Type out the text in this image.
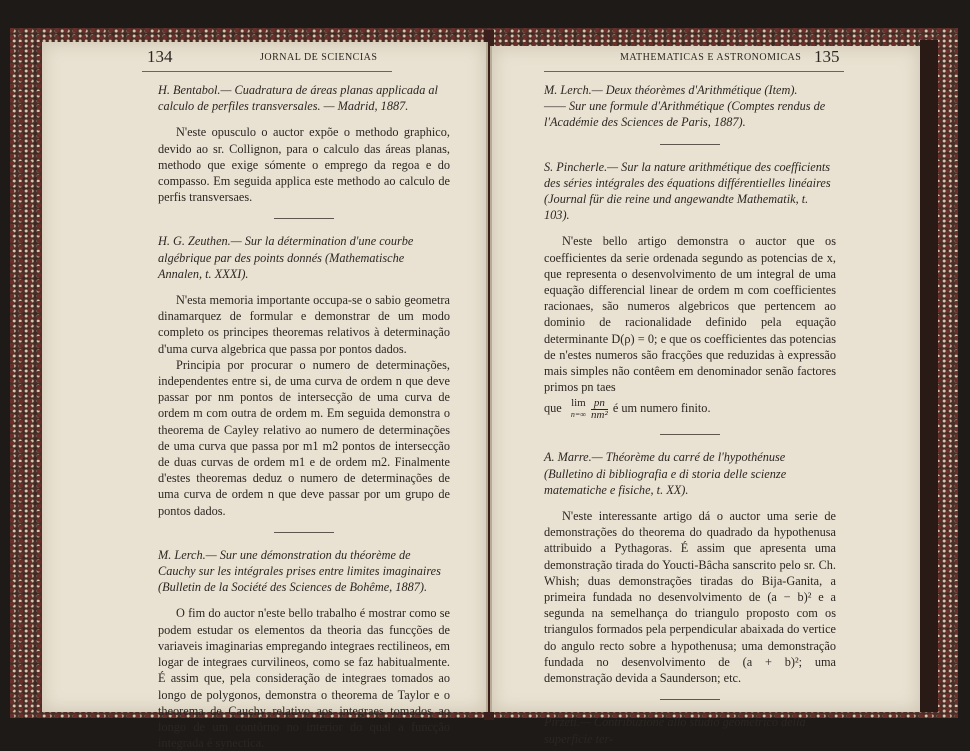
134	JORNAL DE SCIENCIAS
H. Bentabol.— Cuadratura de áreas planas applicada al calculo de perfiles transversales. — Madrid, 1887.

N'este opusculo o auctor expõe o methodo graphico, devido ao sr. Collignon, para o calculo das áreas planas, methodo que exige sómente o emprego da regoa e do compasso. Em seguida applica este methodo ao calculo de perfis transversaes.

H. G. Zeuthen.— Sur la détermination d'une courbe algébrique par des points donnés (Mathematische Annalen, t. XXXI).

N'esta memoria importante occupa-se o sabio geometra dinamarquez de formular e demonstrar de um modo completo os principes theoremas relativos à determinação d'uma curva algebrica que passa por pontos dados.

Principia por procurar o numero de determinações, independentes entre si, de uma curva de ordem n que deve passar por nm pontos de intersecção de uma curva de ordem m com outra de ordem m. Em seguida demonstra o theorema de Cayley relativo ao numero de determinações de uma curva que passa por m1 m2 pontos de intersecção de duas curvas de ordem m1 e de ordem m2. Finalmente d'estes theoremas deduz o numero de determinações de uma curva de ordem n que deve passar por um grupo de pontos dados.

M. Lerch.— Sur une démonstration du théorème de Cauchy sur les intégrales prises entre limites imaginaires (Bulletin de la Société des Sciences de Bohême, 1887).

O fim do auctor n'este bello trabalho é mostrar como se podem estudar os elementos da theoria das funcções de variaveis imaginarias empregando integraes rectilineos, em logar de integraes curvilineos, como se faz habitualmente. É assim que, pela consideração de integraes tomados ao longo de polygonos, demonstra o theorema de Taylor e o theorema de Cauchy relativo aos integraes tomados ao longo de um contôrno no interior do qual a funcção integrada é synectica.

MATHEMATICAS E ASTRONOMICAS 135
M. Lerch.— Deux théorèmes d'Arithmétique (Item).
—— Sur une formule d'Arithmétique (Comptes rendus de l'Académie des Sciences de Paris, 1887).
S. Pincherle.— Sur la nature arithmétique des coefficients des séries intégrales des équations différentielles linéaires (Journal für die reine und angewandte Mathematik, t. 103).

N'este bello artigo demonstra o auctor que os coefficientes da serie ordenada segundo as potencias de x, que representa o desenvolvimento de um integral de uma equação differencial linear de ordem m com coefficientes racionaes, são numeros algebricos que pertencem ao dominio de racionalidade definido pela equação determinante D(ρ) = 0; e que os coefficientes das potencias de n'estes numeros são fracções que reduzidas à expressão mais simples não contêem em denominador senão factores primos pn taes

que lim
n=∞
$\frac{pn}{\text{nm²}}$ é um numero finito.
A. Marre.— Théorème du carré de l'hypothénuse (Bulletino di bibliografia e di storia delle scienze matematiche e fisiche, t. XX).

N'este interessante artigo dá o auctor uma serie de demonstrações do theorema do quadrado da hypothenusa attribuido a Pythagoras. É assim que apresenta uma demonstração tirada do Youcti-Bâcha sanscrito pelo sr. Ch. Whish; duas demonstrações tiradas do Bija-Ganita, a primeira fundada no desenvolvimento de (a − b)² e a segunda na semelhança do triangulo proposto com os triangulos formados pela perpendicular abaixada do vertice do angulo recto sobre a hypothenusa; uma demonstração fundada no desenvolvimento de (a + b)²; uma demonstração devida a Saunderson; etc.

Pirzeti.— Contribuzione allo studio geometrico della superficie ter-
